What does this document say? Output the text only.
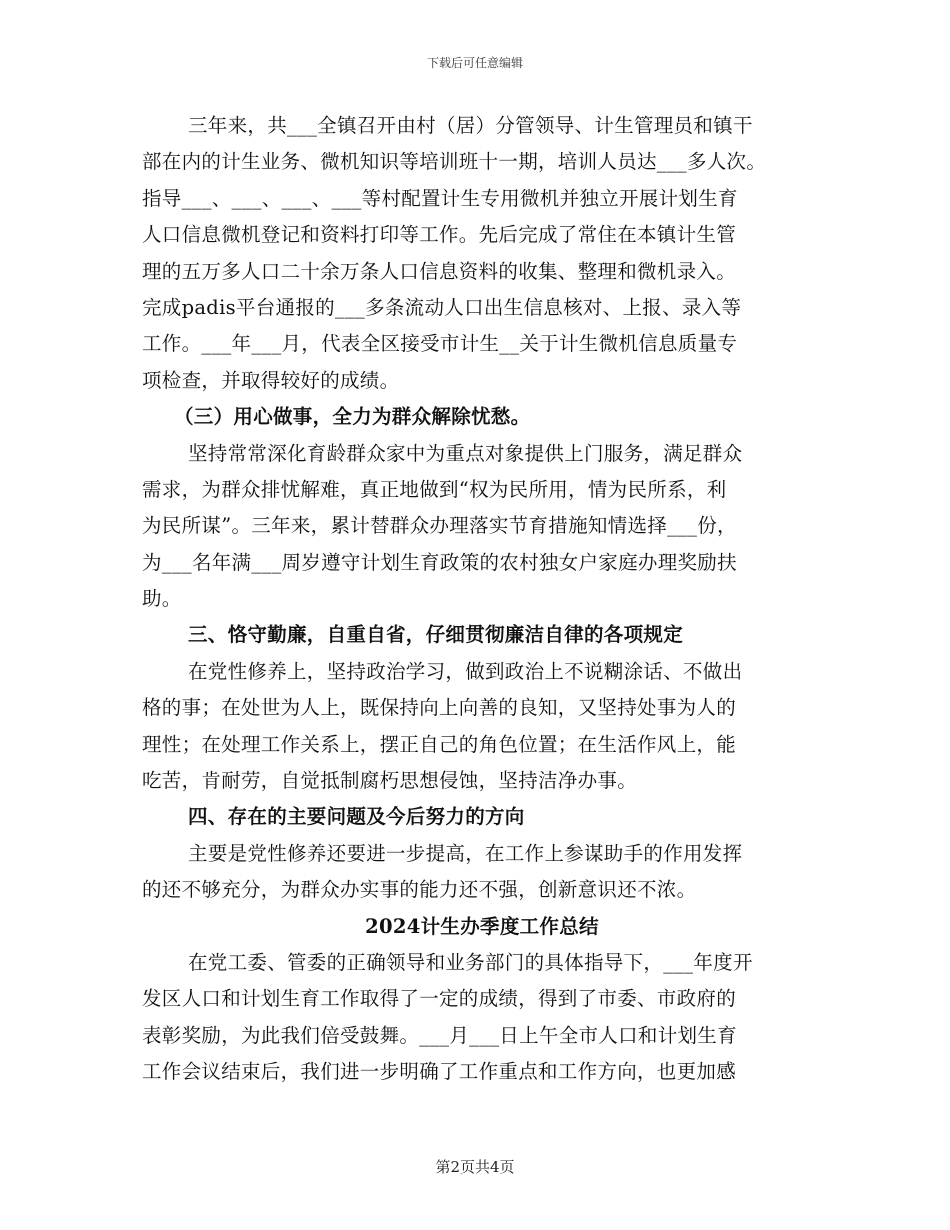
下载后可任意编辑
三年来，共___全镇召开由村（居）分管领导、计生管理员和镇干
部在内的计生业务、微机知识等培训班十一期，培训人员达___多人次。
指导___、___、___、___等村配置计生专用微机并独立开展计划生育
人口信息微机登记和资料打印等工作。先后完成了常住在本镇计生管
理的五万多人口二十余万条人口信息资料的收集、整理和微机录入。
完成padis平台通报的___多条流动人口出生信息核对、上报、录入等
工作。___年___月，代表全区接受市计生__关于计生微机信息质量专
项检查，并取得较好的成绩。
（三）用心做事，全力为群众解除忧愁。
坚持常常深化育龄群众家中为重点对象提供上门服务，满足群众
需求，为群众排忧解难，真正地做到“权为民所用，情为民所系，利
为民所谋”。三年来，累计替群众办理落实节育措施知情选择___份，
为___名年满___周岁遵守计划生育政策的农村独女户家庭办理奖励扶
助。
三、恪守勤廉，自重自省，仔细贯彻廉洁自律的各项规定
在党性修养上，坚持政治学习，做到政治上不说糊涂话、不做出
格的事；在处世为人上，既保持向上向善的良知，又坚持处事为人的
理性；在处理工作关系上，摆正自己的角色位置；在生活作风上，能
吃苦，肯耐劳，自觉抵制腐朽思想侵蚀，坚持洁净办事。
四、存在的主要问题及今后努力的方向
主要是党性修养还要进一步提高，在工作上参谋助手的作用发挥
的还不够充分，为群众办实事的能力还不强，创新意识还不浓。
2024计生办季度工作总结
在党工委、管委的正确领导和业务部门的具体指导下，___年度开
发区人口和计划生育工作取得了一定的成绩，得到了市委、市政府的
表彰奖励，为此我们倍受鼓舞。___月___日上午全市人口和计划生育
工作会议结束后，我们进一步明确了工作重点和工作方向，也更加感
第2页共4页
